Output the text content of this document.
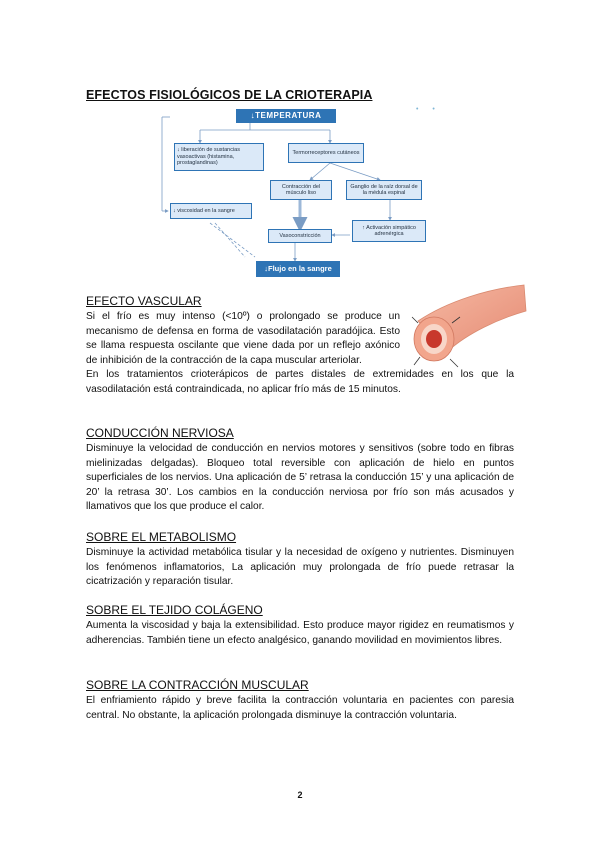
EFECTOS FISIOLÓGICOS DE LA CRIOTERAPIA
• •
↓TEMPERATURA
↓ liberación de sustancias vasoactivas (histamina, prostaglandinas)
Termorreceptores cutáneos
Contracción del músculo liso
Ganglio de la raíz dorsal de la médula espinal
↓ viscosidad en la sangre
↑ Activación simpático adrenérgica
Vasoconstricción
↓Flujo en la sangre

EFECTO VASCULAR

Si el frío es muy intenso (<10º) o prolongado se produce un mecanismo de defensa en forma de vasodilatación paradójica. Esto se llama respuesta oscilante que viene dada por un reflejo axónico de inhibición de la contracción de la capa muscular arteriolar.

En los tratamientos crioterápicos de partes distales de extremidades en los que la vasodilatación está contraindicada, no aplicar frío más de 15 minutos.

CONDUCCIÓN NERVIOSA

Disminuye la velocidad de conducción en nervios motores y sensitivos (sobre todo en fibras mielinizadas delgadas). Bloqueo total reversible con aplicación de hielo en puntos superficiales de los nervios. Una aplicación de 5’ retrasa la conducción 15’ y una aplicación de 20’ la retrasa 30’. Los cambios en la conducción nerviosa por frío son más acusados y llamativos que los que produce el calor.

SOBRE EL METABOLISMO

Disminuye la actividad metabólica tisular y la necesidad de oxígeno y nutrientes. Disminuyen los fenómenos inflamatorios, La aplicación muy prolongada de frío puede retrasar la cicatrización y reparación tisular.

SOBRE EL TEJIDO COLÁGENO

Aumenta la viscosidad y baja la extensibilidad. Esto produce mayor rigidez en reumatismos y adherencias. También tiene un efecto analgésico, ganando movilidad en movimientos libres.

SOBRE LA CONTRACCIÓN MUSCULAR

El enfriamiento rápido y breve facilita la contracción voluntaria en pacientes con paresia central. No obstante, la aplicación prolongada disminuye la contracción voluntaria.

2
